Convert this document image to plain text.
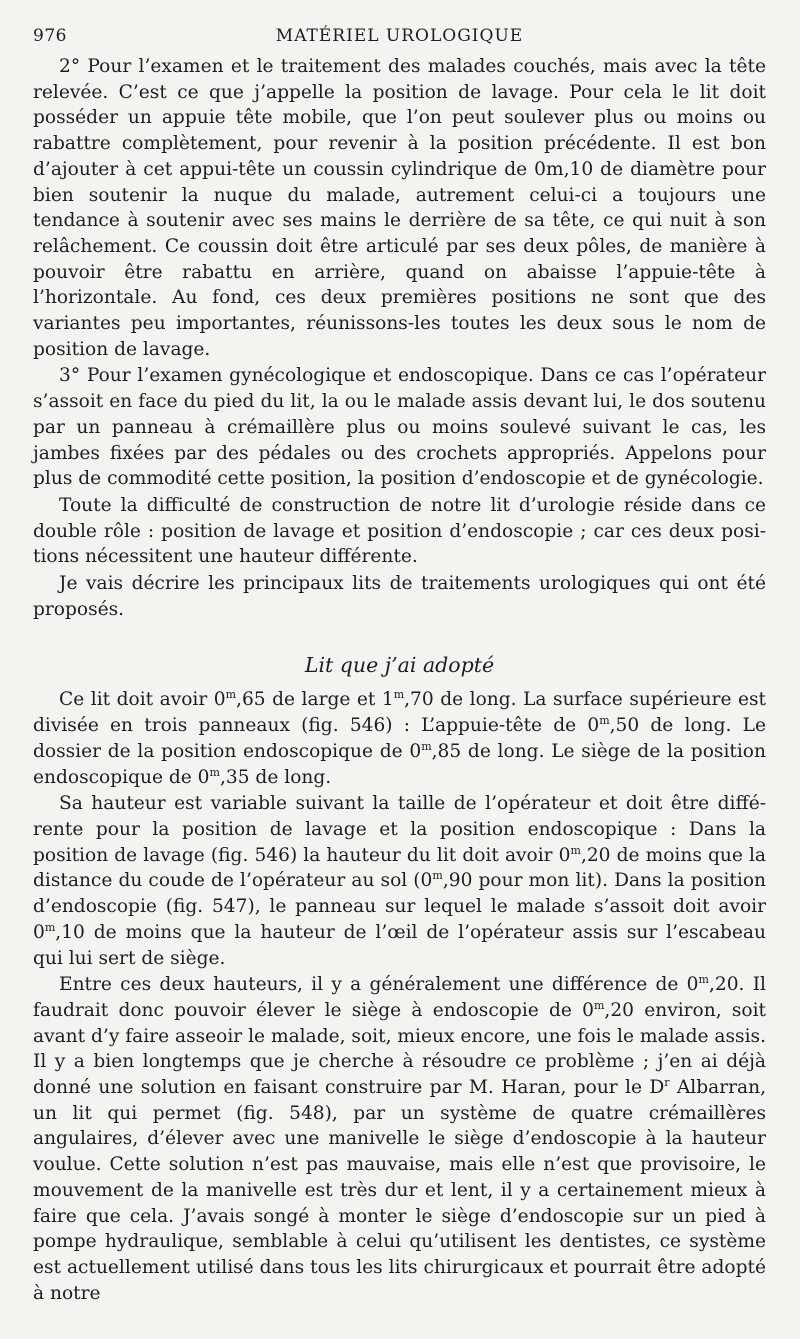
976	MATÉRIEL UROLOGIQUE

2° Pour l’examen et le traitement des malades couchés, mais avec la tête relevée. C’est ce que j’appelle la position de lavage. Pour cela le lit doit posséder un appuie tête mobile, que l’on peut soulever plus ou moins ou rabattre complètement, pour revenir à la position précédente. Il est bon d’ajouter à cet appui-tête un coussin cylindrique de 0m,10 de diamètre pour bien soutenir la nuque du malade, autrement celui-ci a toujours une tendance à soutenir avec ses mains le derrière de sa tête, ce qui nuit à son relâchement. Ce coussin doit être articulé par ses deux pôles, de manière à pouvoir être rabattu en arrière, quand on abaisse l’appuie-tête à l’horizontale. Au fond, ces deux premières positions ne sont que des variantes peu importantes, réunissons-les toutes les deux sous le nom de position de lavage.

3° Pour l’examen gynécologique et endoscopique. Dans ce cas l’opérateur s’assoit en face du pied du lit, la ou le malade assis devant lui, le dos soutenu par un panneau à crémaillère plus ou moins soulevé suivant le cas, les jambes fixées par des pédales ou des crochets appropriés. Appelons pour plus de commodité cette position, la position d’endoscopie et de gynécologie.

Toute la difficulté de construction de notre lit d’urologie réside dans ce double rôle : position de lavage et position d’endoscopie ; car ces deux positions nécessitent une hauteur différente.

Je vais décrire les principaux lits de traitements urologiques qui ont été proposés.

Lit que j’ai adopté

Ce lit doit avoir 0$^m$,65 de large et 1$^m$,70 de long. La surface supérieure est divisée en trois panneaux (fig. 546) : L’appuie-tête de 0$^m$,50 de long. Le dossier de la position endoscopique de 0$^m$,85 de long. Le siège de la position endoscopique de 0$^m$,35 de long.

Sa hauteur est variable suivant la taille de l’opérateur et doit être différente pour la position de lavage et la position endoscopique : Dans la position de lavage (fig. 546) la hauteur du lit doit avoir 0$^m$,20 de moins que la distance du coude de l’opérateur au sol (0$^m$,90 pour mon lit). Dans la position d’endoscopie (fig. 547), le panneau sur lequel le malade s’assoit doit avoir 0$^m$,10 de moins que la hauteur de l’œil de l’opérateur assis sur l’escabeau qui lui sert de siège.

Entre ces deux hauteurs, il y a généralement une différence de 0$^m$,20. Il faudrait donc pouvoir élever le siège à endoscopie de 0$^m$,20 environ, soit avant d’y faire asseoir le malade, soit, mieux encore, une fois le malade assis. Il y a bien longtemps que je cherche à résoudre ce problème ; j’en ai déjà donné une solution en faisant construire par M. Haran, pour le $D^r$ Albarran, un lit qui permet (fig. 548), par un système de quatre crémaillères angulaires, d’élever avec une manivelle le siège d’endoscopie à la hauteur voulue. Cette solution n’est pas mauvaise, mais elle n’est que provisoire, le mouvement de la manivelle est très dur et lent, il y a certainement mieux à faire que cela. J’avais songé à monter le siège d’endoscopie sur un pied à pompe hydraulique, semblable à celui qu’utilisent les dentistes, ce système est actuellement utilisé dans tous les lits chirurgicaux et pourrait être adopté à notre
